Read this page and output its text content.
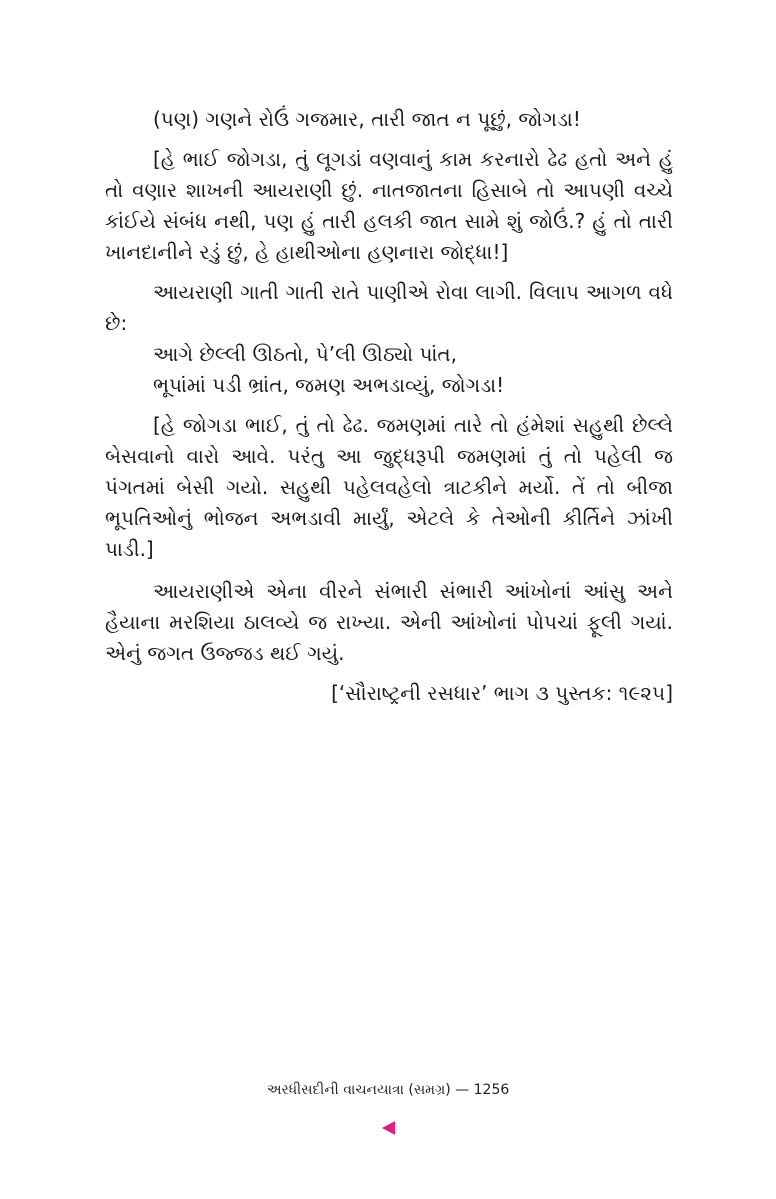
(પણ) ગણને રોઉં ગજમાર, તારી જાત ન પૂછું, જોગડા!

[હે ભાઈ જોગડા, તું લૂગડાં વણવાનું કામ કરનારો ઢેઢ હતો અને હું તો વણાર શાખની આયરાણી છું. નાતજાતના હિસાબે તો આપણી વચ્ચે કાંઈયે સંબંધ નથી, પણ હું તારી હલકી જાત સામે શું જોઉં.? હું તો તારી ખાનદાનીને રડું છું, હે હાથીઓના હણનારા જોદ્ધા!]

આયરાણી ગાતી ગાતી રાતે પાણીએ રોવા લાગી. વિલાપ આગળ વધે છે:

આગે છેલ્લી ઊઠતો, પે’લી ઊઠ્યો પાંત,

ભૂપાંમાં પડી ભ્રાંત, જમણ અભડાવ્યું, જોગડા!

[હે જોગડા ભાઈ, તું તો ઢેઢ. જમણમાં તારે તો હંમેશાં સહુથી છેલ્લે બેસવાનો વારો આવે. પરંતુ આ જુદ્ધરૂપી જમણમાં તું તો પહેલી જ પંગતમાં બેસી ગયો. સહુથી પહેલવહેલો ત્રાટકીને મર્યો. તેં તો બીજા ભૂપતિઓનું ભોજન અભડાવી માર્યું, એટલે કે તેઓની કીર્તિને ઝાંખી પાડી.]

આયરાણીએ એના વીરને સંભારી સંભારી આંખોનાં આંસુ અને હૈયાના મરશિયા ઠાલવ્યે જ રાખ્યા. એની આંખોનાં પોપચાં ફૂલી ગયાં. એનું જગત ઉજ્જડ થઈ ગયું.

[‘સૌરાષ્ટ્રની રસધાર’ ભાગ ૩ પુસ્તક: ૧૯૨૫]

અરધીસદીની વાચનયાત્રા (સમગ્ર) — 1256
